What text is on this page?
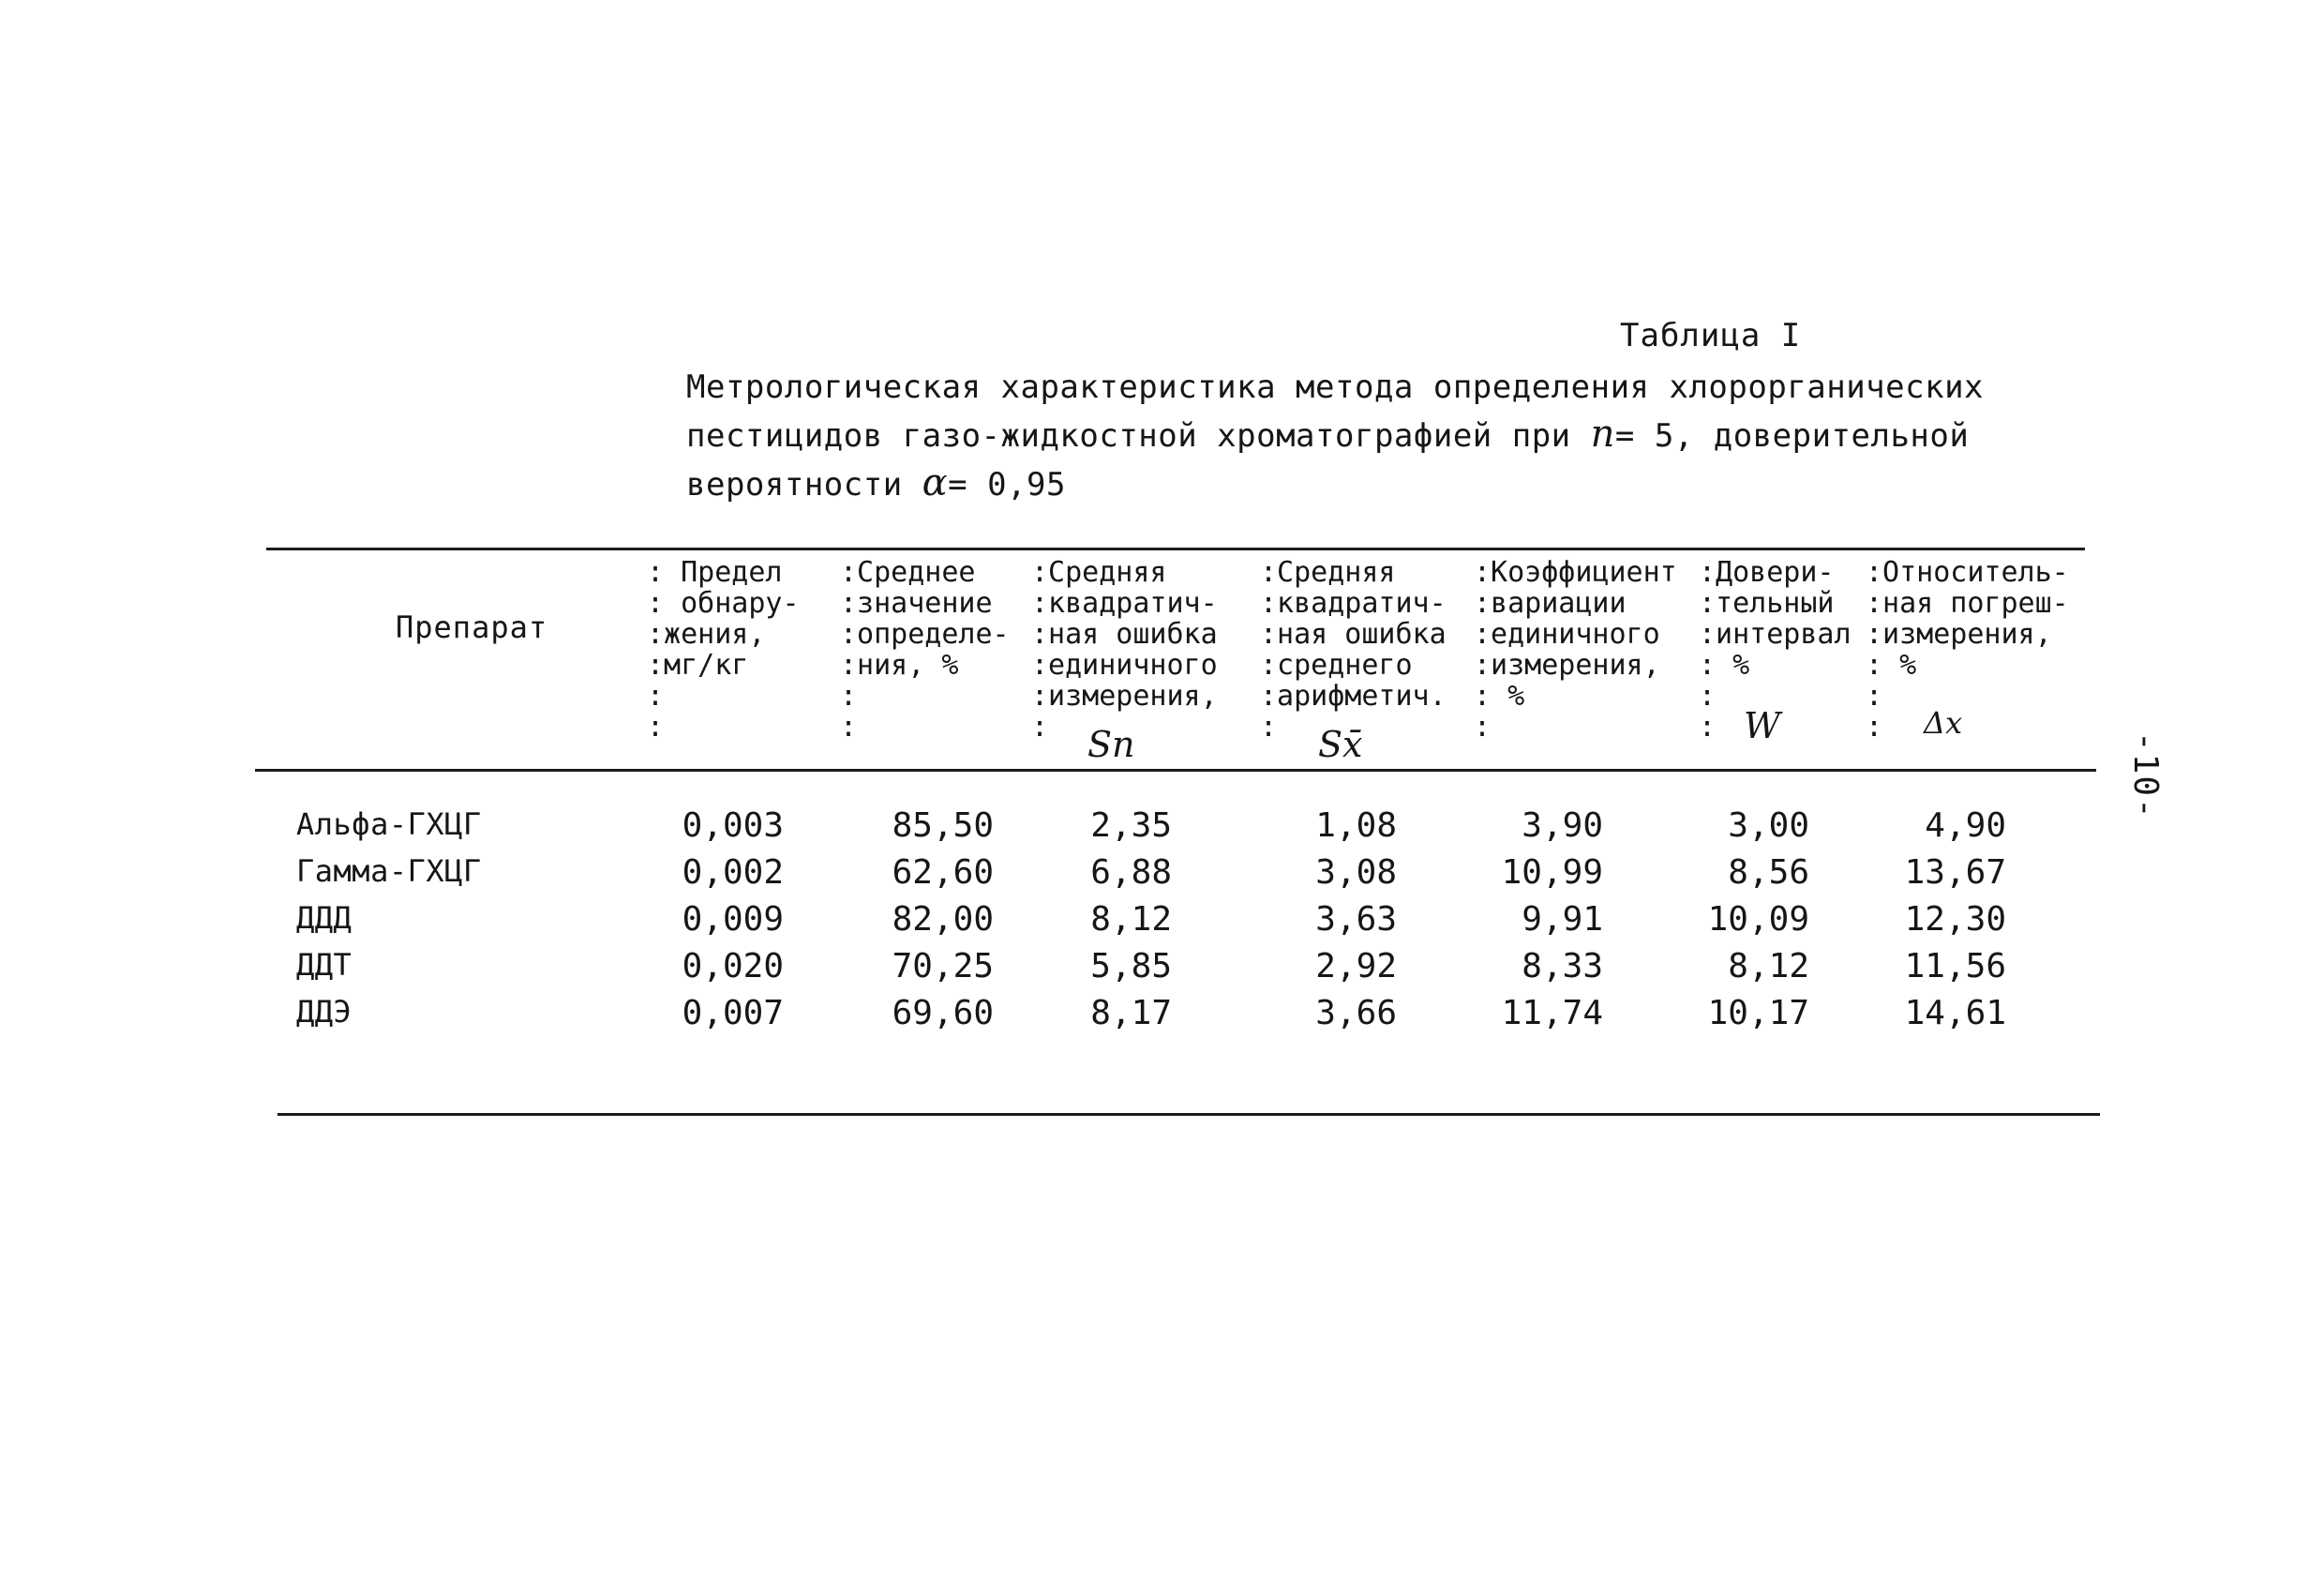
Таблица I
Метрологическая характеристика метода определения хлорорганических пестицидов газо-жидкостной хроматографией при n= 5, доверительной вероятности α= 0,95
-10-
Препарат
: Предел
: обнару-
:жения,
:мг/кг
:
:
:Среднее
:значение
:определе-
:ния, %
:
:
:Средняя
:квадратич-
:ная ошибка
:единичного
:измерения,
:	Sn
:Средняя
:квадратич-
:ная ошибка
:среднего
:арифметич.
:	Sx̄
:Коэффициент
:вариации
:единичного
:измерения,
: %
:
:Довери-
:тельный
:интервал
: %
:
: W
:Относитель-
:ная погреш-
:измерения,
: %
:
:	Δx
Альфа-ГХЦГ	0,003	85,50	2,35	1,08	3,90	3,00	4,90
Гамма-ГХЦГ	0,002	62,60	6,88	3,08	10,99	8,56	13,67
ДДД	0,009	82,00	8,12	3,63	9,91	10,09	12,30
ДДТ	0,020	70,25	5,85	2,92	8,33	8,12	11,56
ДДЭ	0,007	69,60	8,17	3,66	11,74	10,17	14,61
